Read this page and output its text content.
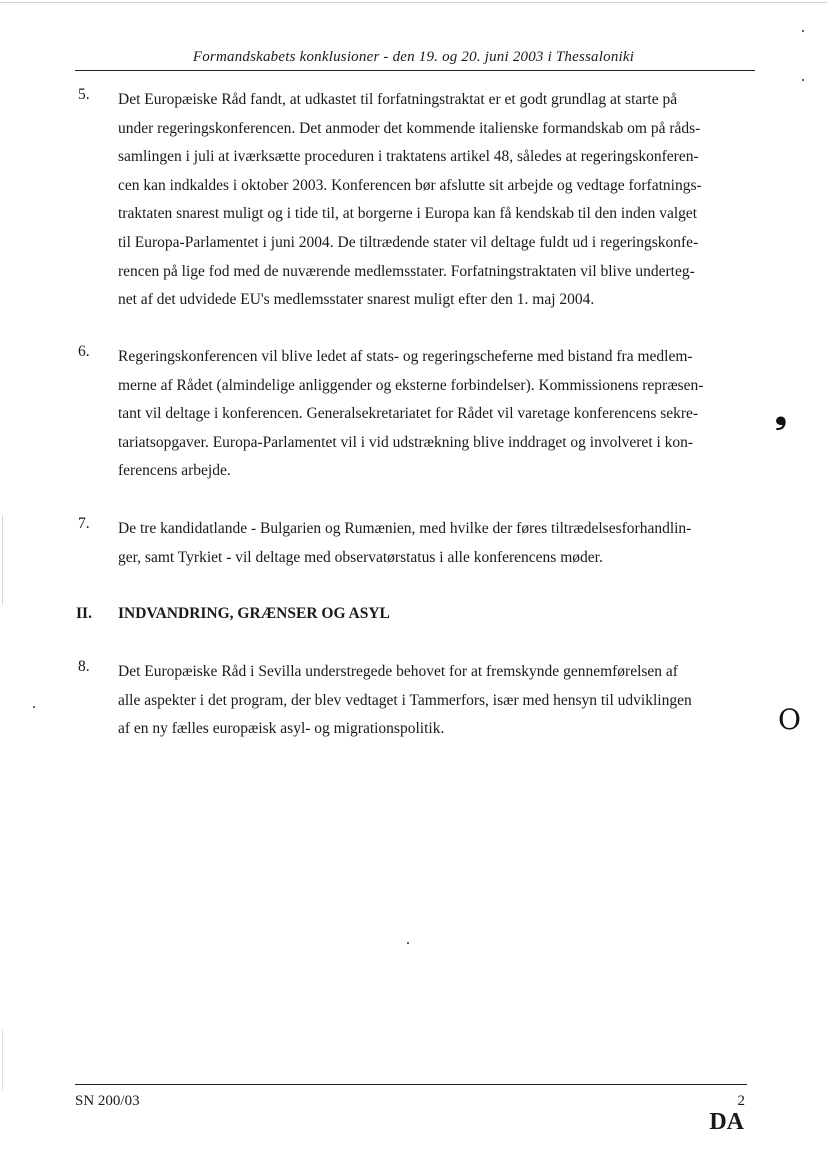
Formandskabets konklusioner - den 19. og 20. juni 2003 i Thessaloniki
5. Det Europæiske Råd fandt, at udkastet til forfatningstraktat er et godt grundlag at starte på
under regeringskonferencen. Det anmoder det kommende italienske formandskab om på råds-
samlingen i juli at iværksætte proceduren i traktatens artikel 48, således at regeringskonferen-
cen kan indkaldes i oktober 2003. Konferencen bør afslutte sit arbejde og vedtage forfatnings-
traktaten snarest muligt og i tide til, at borgerne i Europa kan få kendskab til den inden valget
til Europa-Parlamentet i juni 2004. De tiltrædende stater vil deltage fuldt ud i regeringskonfe-
rencen på lige fod med de nuværende medlemsstater. Forfatningstraktaten vil blive underteg-
net af det udvidede EU's medlemsstater snarest muligt efter den 1. maj 2004.
6. Regeringskonferencen vil blive ledet af stats- og regeringscheferne med bistand fra medlem-
merne af Rådet (almindelige anliggender og eksterne forbindelser). Kommissionens repræsen-
tant vil deltage i konferencen. Generalsekretariatet for Rådet vil varetage konferencens sekre-
tariatsopgaver. Europa-Parlamentet vil i vid udstrækning blive inddraget og involveret i kon-
ferencens arbejde.
7. De tre kandidatlande - Bulgarien og Rumænien, med hvilke der føres tiltrædelsesforhandlin-
ger, samt Tyrkiet - vil deltage med observatørstatus i alle konferencens møder.
II. INDVANDRING, GRÆNSER OG ASYL
8. Det Europæiske Råd i Sevilla understregede behovet for at fremskynde gennemførelsen af
alle aspekter i det program, der blev vedtaget i Tammerfors, især med hensyn til udviklingen
af en ny fælles europæisk asyl- og migrationspolitik.
❟
O
SN 200/03	2
DA
